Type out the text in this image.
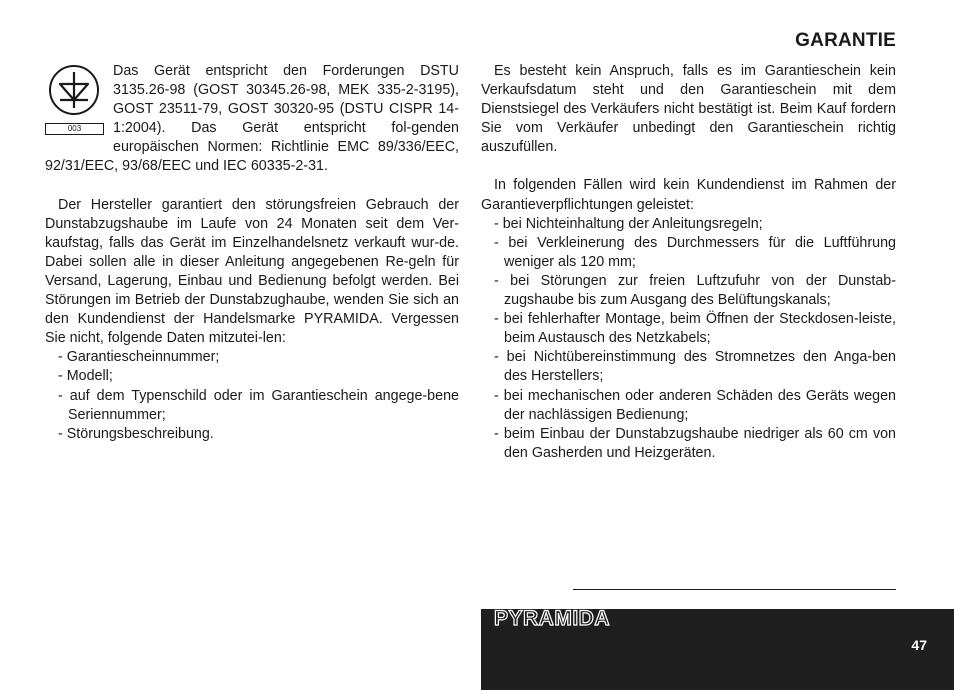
GARANTIE
003

Das Gerät entspricht den Forderungen DSTU 3135.26-98 (GOST 30345.26-98, MEK 335-2-3195), GOST 23511-79, GOST 30320-95 (DSTU CISPR 14-1:2004). Das Gerät entspricht fol-genden europäischen Normen: Richtlinie EMC 89/336/EEC, 92/31/EEC, 93/68/EEC und IEC 60335-2-31.

Der Hersteller garantiert den störungsfreien Gebrauch der Dunstabzugshaube im Laufe von 24 Monaten seit dem Ver-kaufstag, falls das Gerät im Einzelhandelsnetz verkauft wur-de. Dabei sollen alle in dieser Anleitung angegebenen Re-geln für Versand, Lagerung, Einbau und Bedienung befolgt werden. Bei Störungen im Betrieb der Dunstabzughaube, wenden Sie sich an den Kundendienst der Handelsmarke PYRAMIDA. Vergessen Sie nicht, folgende Daten mitzutei-len:

- Garantiescheinnummer;
- Modell;
- auf dem Typenschild oder im Garantieschein angege-bene Seriennummer;
- Störungsbeschreibung.

Es besteht kein Anspruch, falls es im Garantieschein kein Verkaufsdatum steht und den Garantieschein mit dem Dienstsiegel des Verkäufers nicht bestätigt ist. Beim Kauf fordern Sie vom Verkäufer unbedingt den Garantieschein richtig auszufüllen.

In folgenden Fällen wird kein Kundendienst im Rahmen der Garantieverpflichtungen geleistet:

- bei Nichteinhaltung der Anleitungsregeln;
- bei Verkleinerung des Durchmessers für die Luftführung weniger als 120 mm;
- bei Störungen zur freien Luftzufuhr von der Dunstab-zugshaube bis zum Ausgang des Belüftungskanals;
- bei fehlerhafter Montage, beim Öffnen der Steckdosen-leiste, beim Austausch des Netzkabels;
- bei Nichtübereinstimmung des Stromnetzes den Anga-ben des Herstellers;
- bei mechanischen oder anderen Schäden des Geräts wegen der nachlässigen Bedienung;
- beim Einbau der Dunstabzugshaube niedriger als 60 cm von den Gasherden und Heizgeräten.
PYRAMIDA
47
